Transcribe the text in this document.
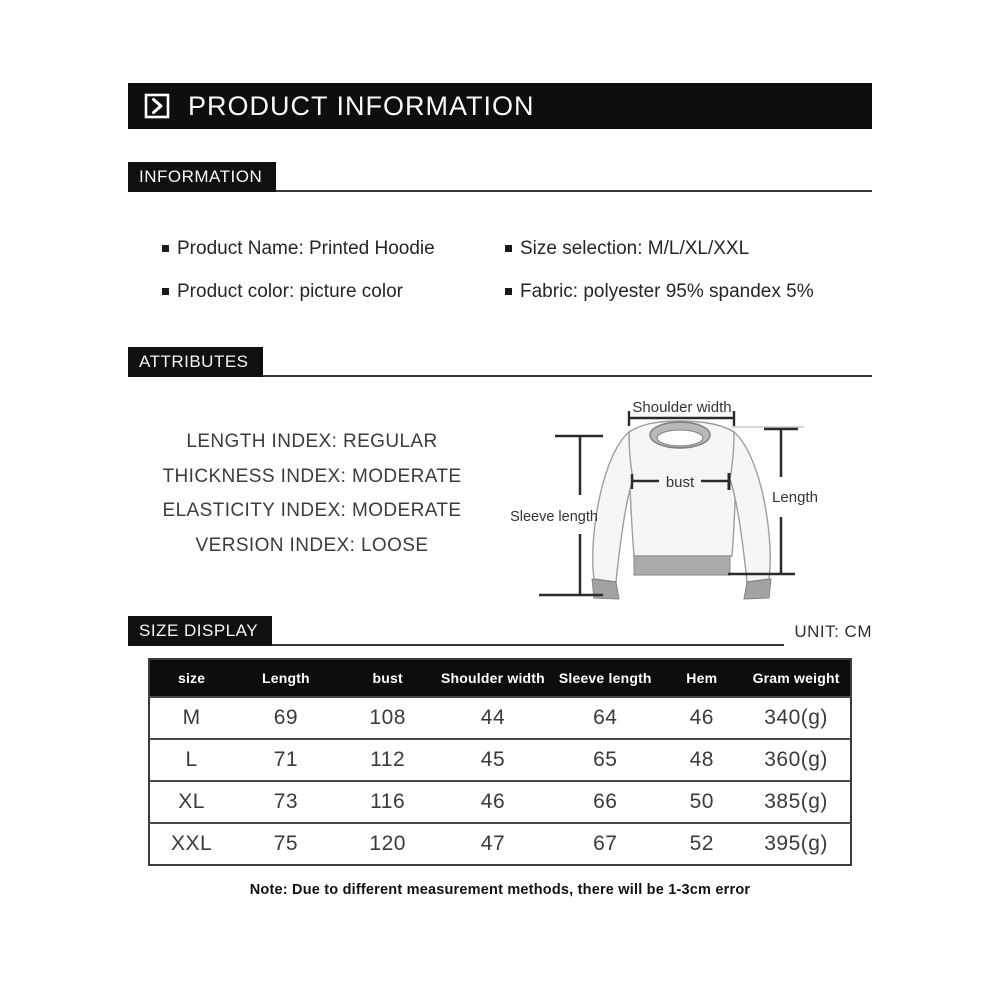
PRODUCT INFORMATION
INFORMATION
Product Name: Printed Hoodie	Size selection: M/L/XL/XXL
Product color: picture color	Fabric: polyester 95% spandex 5%
ATTRIBUTES
LENGTH INDEX: REGULAR
THICKNESS INDEX: MODERATE
ELASTICITY INDEX: MODERATE
VERSION INDEX: LOOSE
Shoulder width
bust
Sleeve length
Length
SIZE DISPLAY	UNIT: CM
size	Length	bust	Shoulder width	Sleeve length	Hem	Gram weight
M	69	108	44	64	46	340(g)
L	71	112	45	65	48	360(g)
XL	73	116	46	66	50	385(g)
XXL	75	120	47	67	52	395(g)
Note: Due to different measurement methods, there will be 1-3cm error
